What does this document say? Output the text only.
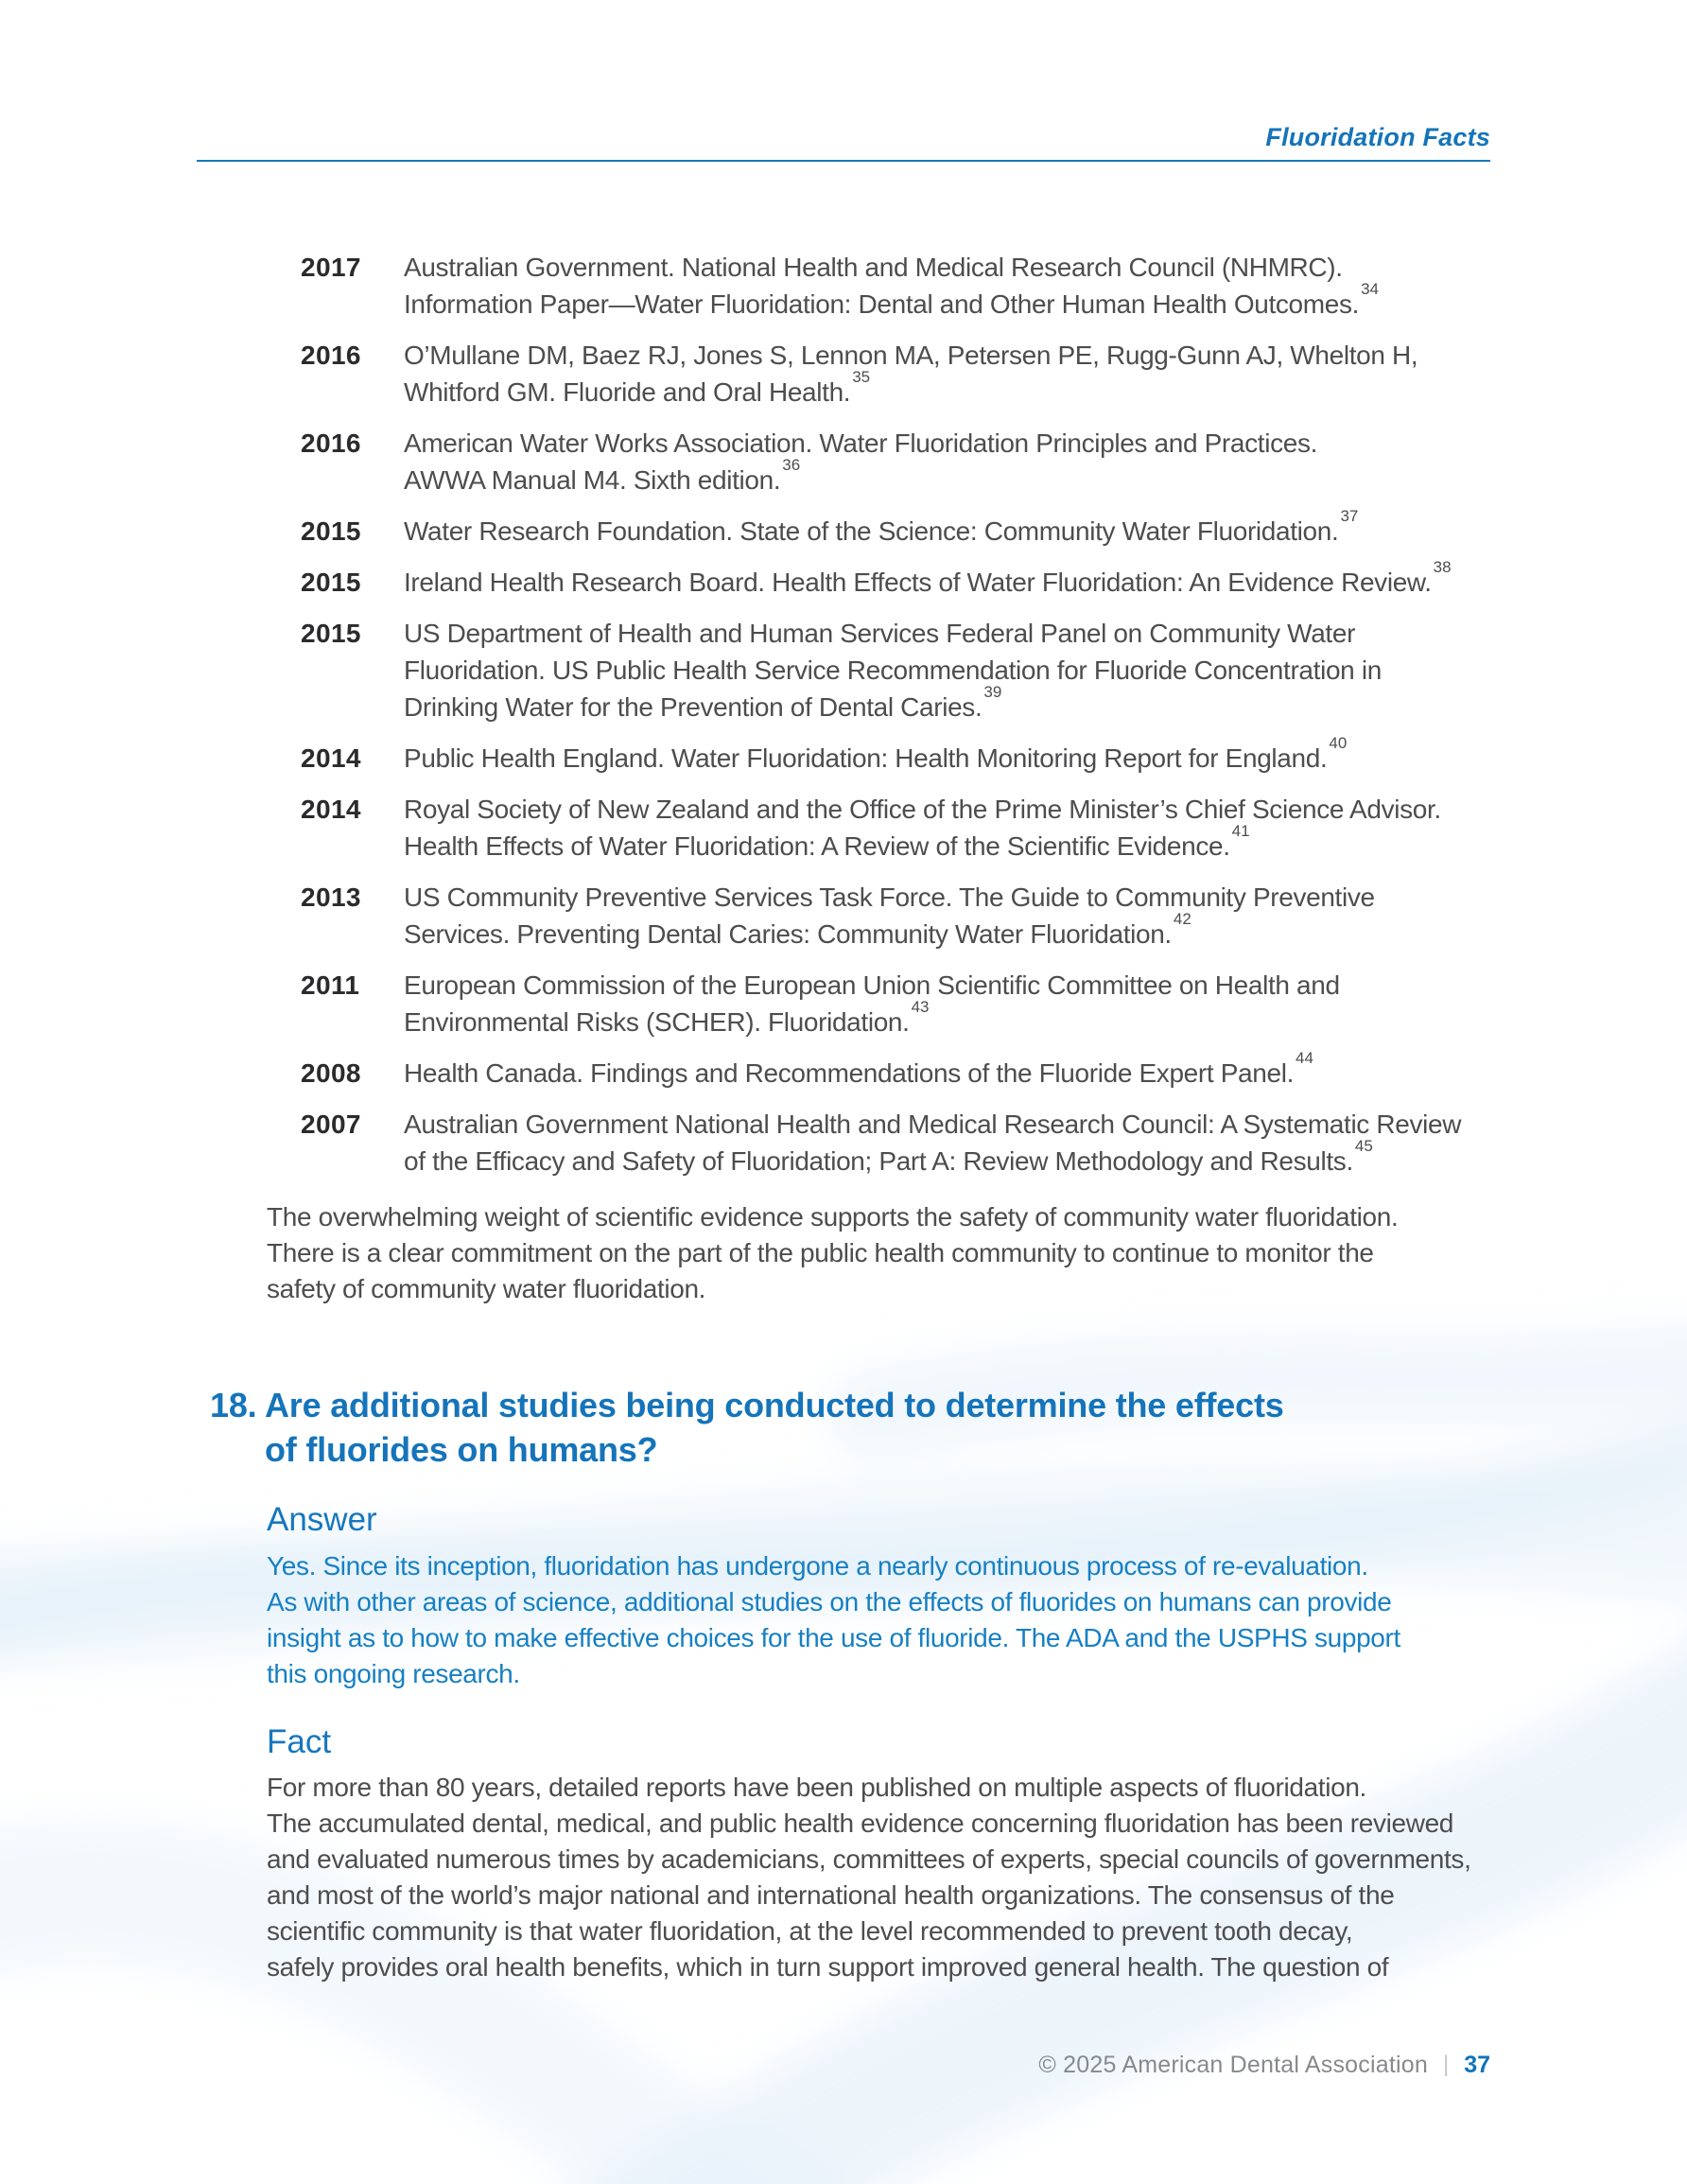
Fluoridation Facts
2017	Australian Government. National Health and Medical Research Council (NHMRC).
Information Paper—Water Fluoridation: Dental and Other Human Health Outcomes.$^{34}$
2016	O’Mullane DM, Baez RJ, Jones S, Lennon MA, Petersen PE, Rugg-Gunn AJ, Whelton H,
Whitford GM. Fluoride and Oral Health.$^{35}$
2016	American Water Works Association. Water Fluoridation Principles and Practices.
AWWA Manual M4. Sixth edition.$^{36}$
2015	Water Research Foundation. State of the Science: Community Water Fluoridation.$^{37}$
2015	Ireland Health Research Board. Health Effects of Water Fluoridation: An Evidence Review.$^{38}$
2015	US Department of Health and Human Services Federal Panel on Community Water
Fluoridation. US Public Health Service Recommendation for Fluoride Concentration in
Drinking Water for the Prevention of Dental Caries.$^{39}$
2014	Public Health England. Water Fluoridation: Health Monitoring Report for England.$^{40}$
2014	Royal Society of New Zealand and the Office of the Prime Minister’s Chief Science Advisor.
Health Effects of Water Fluoridation: A Review of the Scientific Evidence.$^{41}$
2013	US Community Preventive Services Task Force. The Guide to Community Preventive
Services. Preventing Dental Caries: Community Water Fluoridation.$^{42}$
2011	European Commission of the European Union Scientific Committee on Health and
Environmental Risks (SCHER). Fluoridation.$^{43}$
2008	Health Canada. Findings and Recommendations of the Fluoride Expert Panel.$^{44}$
2007	Australian Government National Health and Medical Research Council: A Systematic Review
of the Efficacy and Safety of Fluoridation; Part A: Review Methodology and Results.$^{45}$
The overwhelming weight of scientific evidence supports the safety of community water fluoridation.
There is a clear commitment on the part of the public health community to continue to monitor the
safety of community water fluoridation.
18. Are additional studies being conducted to determine the effects
of fluorides on humans?
Answer
Yes. Since its inception, fluoridation has undergone a nearly continuous process of re-evaluation.
As with other areas of science, additional studies on the effects of fluorides on humans can provide
insight as to how to make effective choices for the use of fluoride. The ADA and the USPHS support
this ongoing research.
Fact
For more than 80 years, detailed reports have been published on multiple aspects of fluoridation.
The accumulated dental, medical, and public health evidence concerning fluoridation has been reviewed
and evaluated numerous times by academicians, committees of experts, special councils of governments,
and most of the world’s major national and international health organizations. The consensus of the
scientific community is that water fluoridation, at the level recommended to prevent tooth decay,
safely provides oral health benefits, which in turn support improved general health. The question of
© 2025 American Dental Association | 37
